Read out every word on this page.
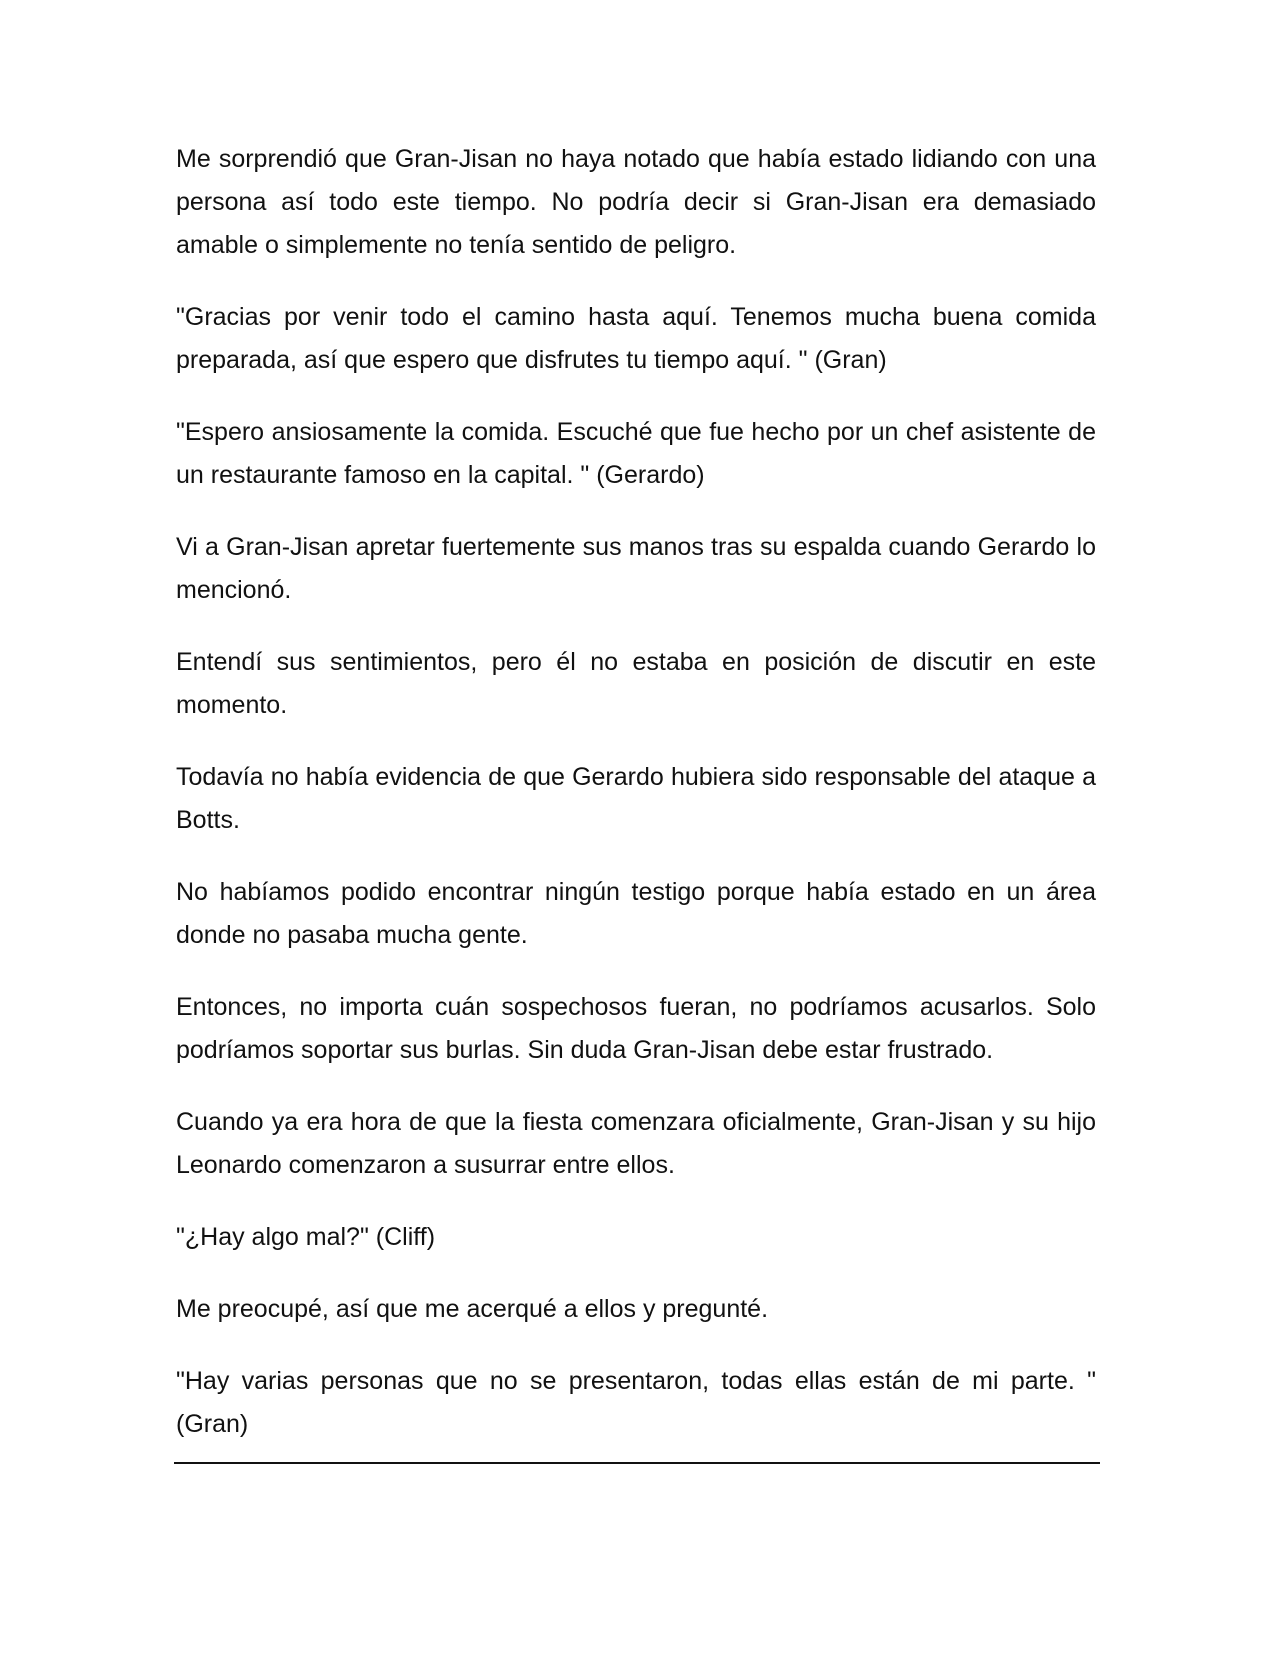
Me sorprendió que Gran-Jisan no haya notado que había estado lidiando con una persona así todo este tiempo. No podría decir si Gran-Jisan era demasiado amable o simplemente no tenía sentido de peligro.

"Gracias por venir todo el camino hasta aquí. Tenemos mucha buena comida preparada, así que espero que disfrutes tu tiempo aquí. " (Gran)

"Espero ansiosamente la comida. Escuché que fue hecho por un chef asistente de un restaurante famoso en la capital. " (Gerardo)

Vi a Gran-Jisan apretar fuertemente sus manos tras su espalda cuando Gerardo lo mencionó.

Entendí sus sentimientos, pero él no estaba en posición de discutir en este momento.

Todavía no había evidencia de que Gerardo hubiera sido responsable del ataque a Botts.

No habíamos podido encontrar ningún testigo porque había estado en un área donde no pasaba mucha gente.

Entonces, no importa cuán sospechosos fueran, no podríamos acusarlos. Solo podríamos soportar sus burlas. Sin duda Gran-Jisan debe estar frustrado.

Cuando ya era hora de que la fiesta comenzara oficialmente, Gran-Jisan y su hijo Leonardo comenzaron a susurrar entre ellos.

"¿Hay algo mal?" (Cliff)

Me preocupé, así que me acerqué a ellos y pregunté.

"Hay varias personas que no se presentaron, todas ellas están de mi parte. " (Gran)
